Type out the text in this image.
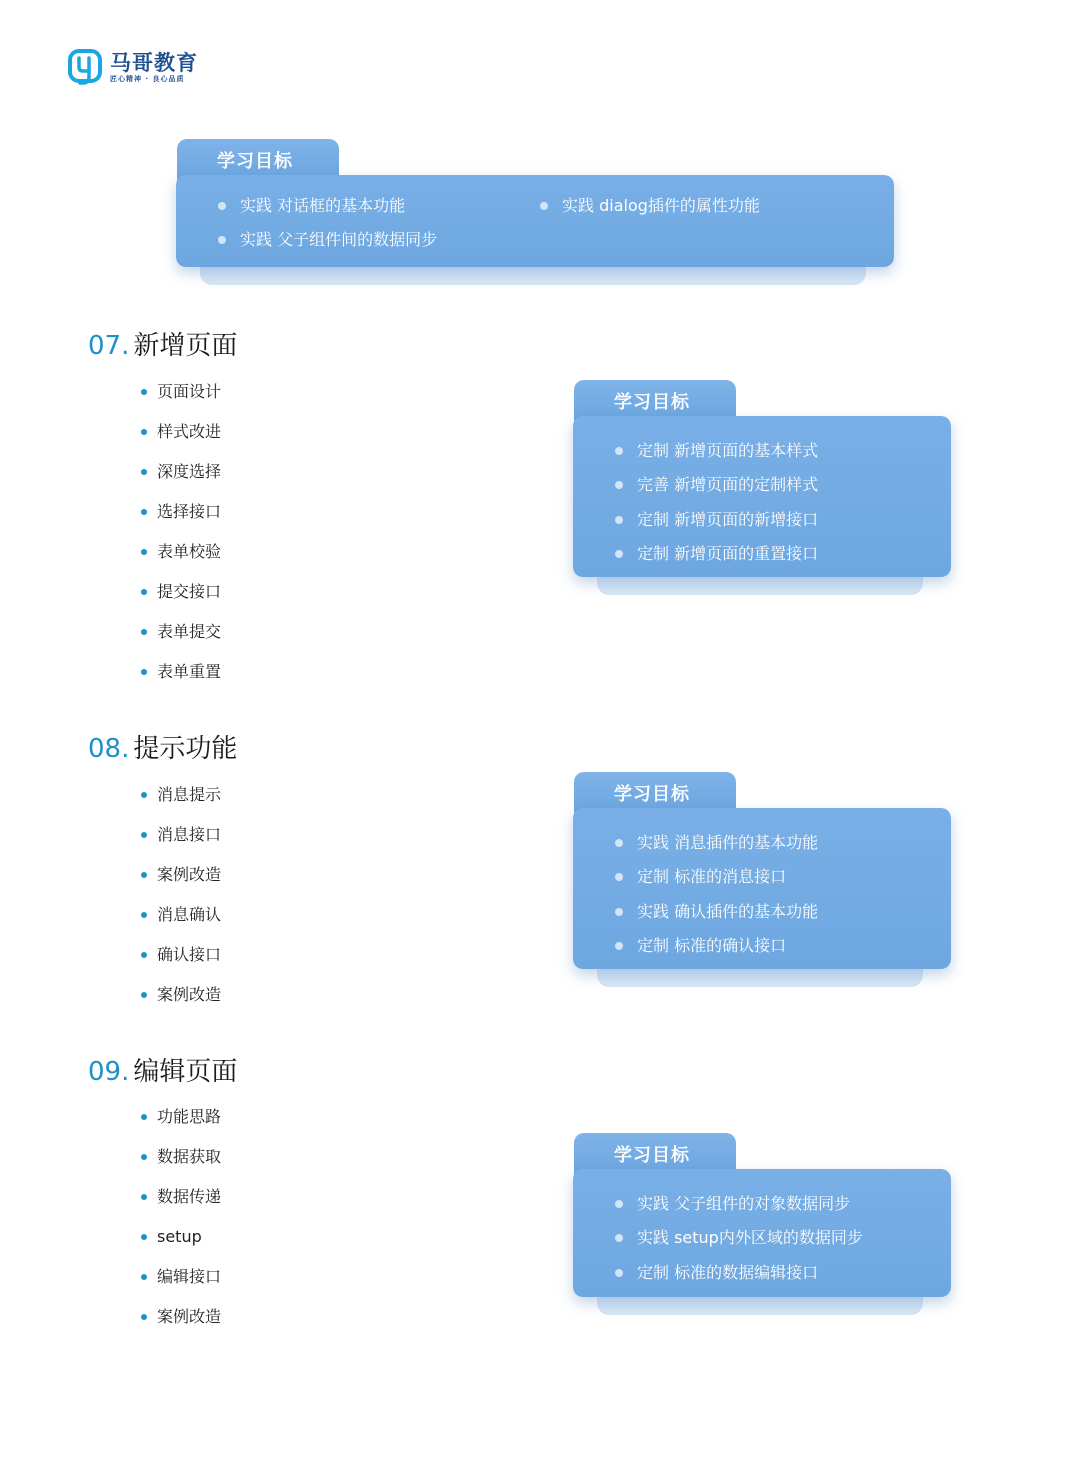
马哥教育
匠心精神 · 良心品质
学习目标
实践 对话框的基本功能	实践 dialog插件的属性功能
实践 父子组件间的数据同步
07. 新增页面
页面设计
样式改进
深度选择
选择接口
表单校验
提交接口
表单提交
表单重置
学习目标
定制 新增页面的基本样式
完善 新增页面的定制样式
定制 新增页面的新增接口
定制 新增页面的重置接口
08. 提示功能
消息提示
消息接口
案例改造
消息确认
确认接口
案例改造
学习目标
实践 消息插件的基本功能
定制 标准的消息接口
实践 确认插件的基本功能
定制 标准的确认接口
09. 编辑页面
功能思路
数据获取
数据传递
setup
编辑接口
案例改造
学习目标
实践 父子组件的对象数据同步
实践 setup内外区域的数据同步
定制 标准的数据编辑接口
